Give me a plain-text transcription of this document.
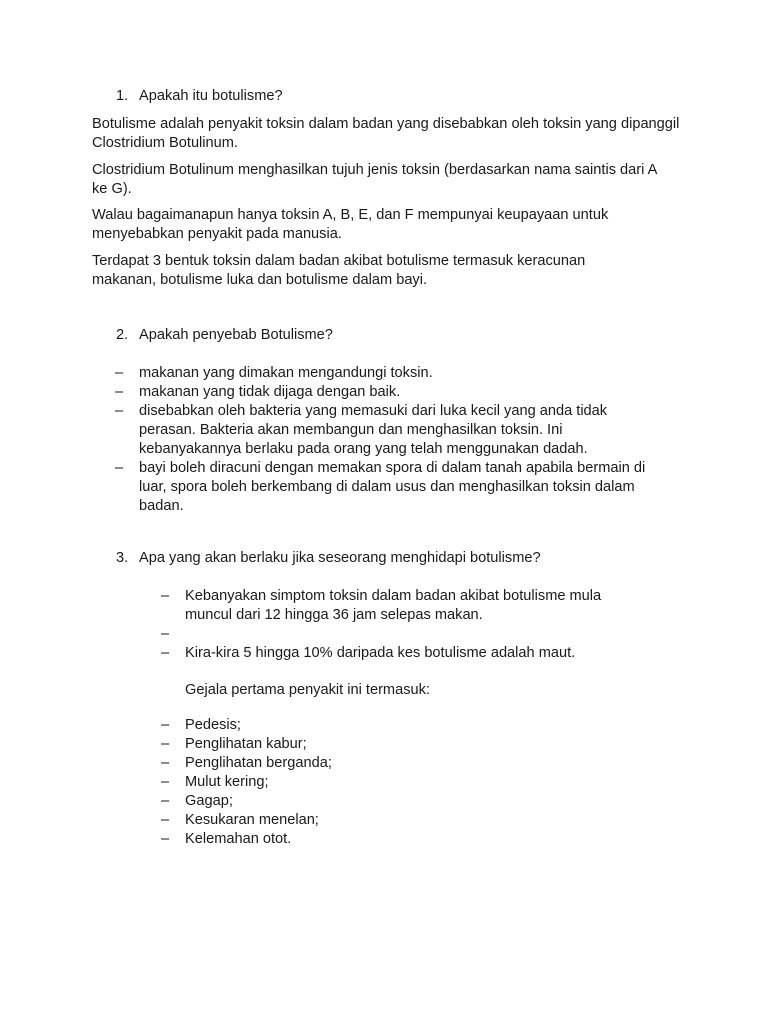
1. Apakah itu botulisme?

Botulisme adalah penyakit toksin dalam badan yang disebabkan oleh toksin yang dipanggil Clostridium Botulinum.

Clostridium Botulinum menghasilkan tujuh jenis toksin (berdasarkan nama saintis dari A ke G).

Walau bagaimanapun hanya toksin A, B, E, dan F mempunyai keupayaan untuk menyebabkan penyakit pada manusia.

Terdapat 3 bentuk toksin dalam badan akibat botulisme termasuk keracunan makanan, botulisme luka dan botulisme dalam bayi.

2. Apakah penyebab Botulisme?
– makanan yang dimakan mengandungi toksin.
– makanan yang tidak dijaga dengan baik.
– disebabkan oleh bakteria yang memasuki dari luka kecil yang anda tidak perasan. Bakteria akan membangun dan menghasilkan toksin. Ini kebanyakannya berlaku pada orang yang telah menggunakan dadah.
– bayi boleh diracuni dengan memakan spora di dalam tanah apabila bermain di luar, spora boleh berkembang di dalam usus dan menghasilkan toksin dalam badan.
3. Apa yang akan berlaku jika seseorang menghidapi botulisme?
– Kebanyakan simptom toksin dalam badan akibat botulisme mula muncul dari 12 hingga 36 jam selepas makan.
–
– Kira-kira 5 hingga 10% daripada kes botulisme adalah maut.
Gejala pertama penyakit ini termasuk:
– Pedesis;
– Penglihatan kabur;
– Penglihatan berganda;
– Mulut kering;
– Gagap;
– Kesukaran menelan;
– Kelemahan otot.
